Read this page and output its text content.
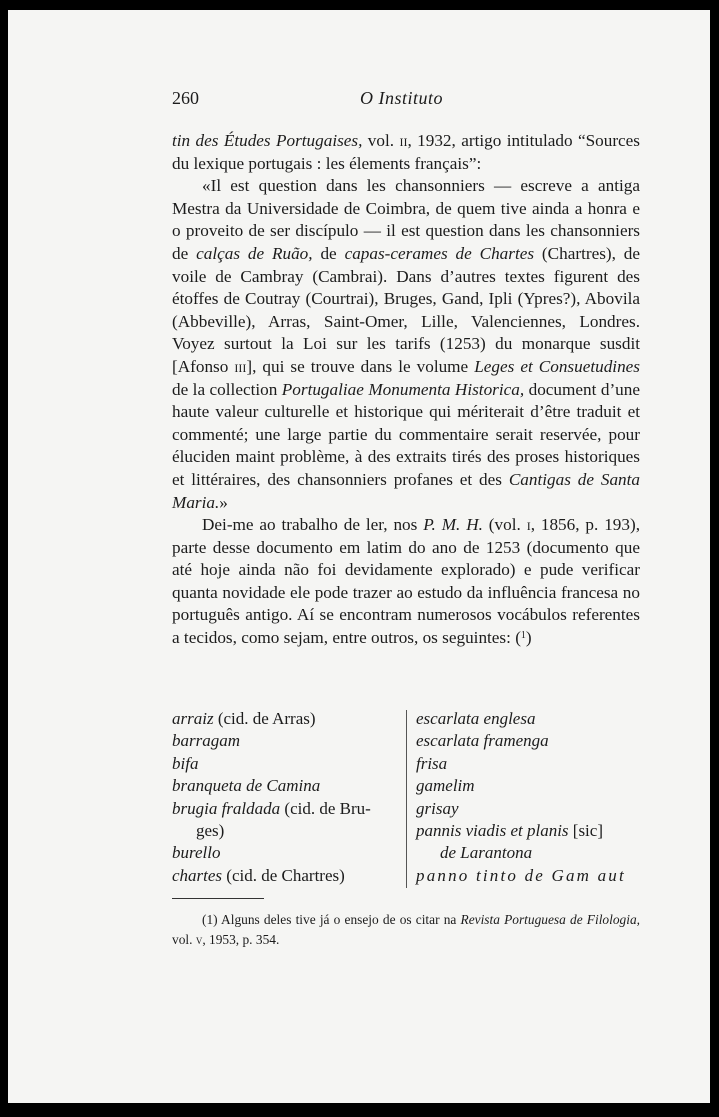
260	O Instituto

tin des Études Portugaises, vol. ii, 1932, artigo intitulado “Sources du lexique portugais : les élements français”:

«Il est question dans les chansonniers — escreve a antiga Mestra da Universidade de Coimbra, de quem tive ainda a honra e o proveito de ser discípulo — il est question dans les chansonniers de calças de Ruão, de capas-cerames de Chartes (Chartres), de voile de Cambray (Cambrai). Dans d’autres textes figurent des étoffes de Coutray (Courtrai), Bruges, Gand, Ipli (Ypres?), Abovila (Abbeville), Arras, Saint-Omer, Lille, Valenciennes, Londres. Voyez surtout la Loi sur les tarifs (1253) du monarque susdit [Afonso iii], qui se trouve dans le volume Leges et Consuetudines de la collection Portugaliae Monumenta Historica, document d’une haute valeur culturelle et historique qui mériterait d’être traduit et commenté; une large partie du commentaire serait reservée, pour éluciden maint problème, à des extraits tirés des proses historiques et littéraires, des chansonniers profanes et des Cantigas de Santa Maria.»

Dei-me ao trabalho de ler, nos P. M. H. (vol. i, 1856, p. 193), parte desse documento em latim do ano de 1253 (documento que até hoje ainda não foi devidamente explorado) e pude verificar quanta novidade ele pode trazer ao estudo da influência francesa no português antigo. Aí se encontram numerosos vocábulos referentes a tecidos, como sejam, entre outros, os seguintes: ($^1$)

arraiz (cid. de Arras)
barragam
bifa
branqueta de Camina
brugia fraldada (cid. de Bru-
ges)
burello
chartes (cid. de Chartres)
escarlata englesa
escarlata framenga
frisa
gamelim
grisay
pannis viadis et planis [sic]
de Larantona
panno tinto de Gam aut
(1) Alguns deles tive já o ensejo de os citar na Revista Portuguesa de Filologia, vol. v, 1953, p. 354.
